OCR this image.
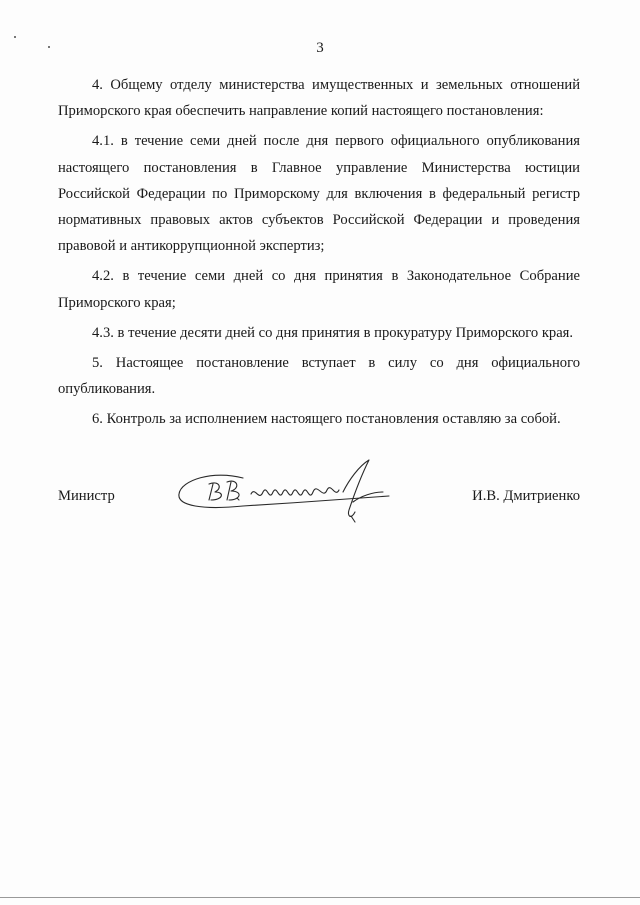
3

4. Общему отделу министерства имущественных и земельных отношений Приморского края обеспечить направление копий настоящего постановления:

4.1. в течение семи дней после дня первого официального опубликования настоящего постановления в Главное управление Министерства юстиции Российской Федерации по Приморскому для включения в федеральный регистр нормативных правовых актов субъектов Российской Федерации и проведения правовой и антикоррупционной экспертиз;

4.2. в течение семи дней со дня принятия в Законодательное Собрание Приморского края;

4.3. в течение десяти дней со дня принятия в прокуратуру Приморского края.

5. Настоящее постановление вступает в силу со дня официального опубликования.

6. Контроль за исполнением настоящего постановления оставляю за собой.

Министр	И.В. Дмитриенко
